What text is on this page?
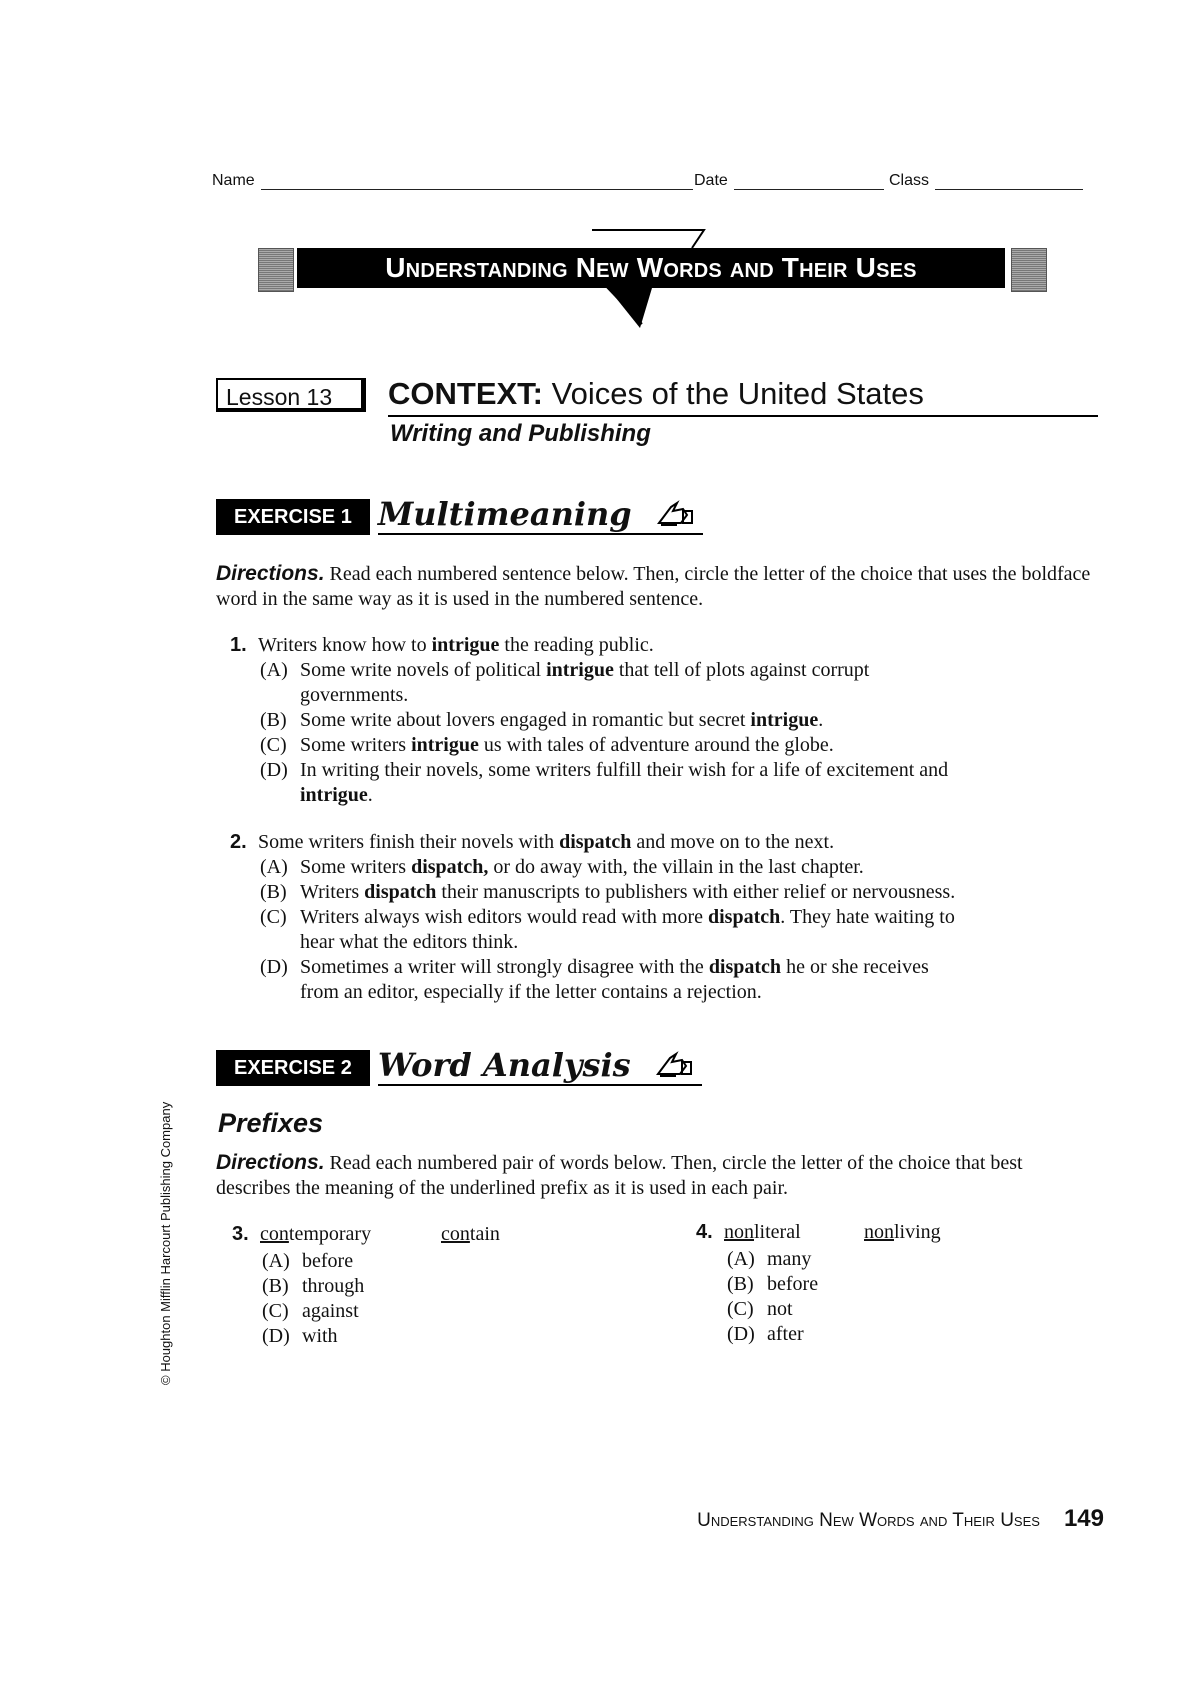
Name	Date	Class
Understanding New Words and Their Uses
Lesson 13	CONTEXT: Voices of the United States
Writing and Publishing
EXERCISE 1 Multimeaning
Directions. Read each numbered sentence below. Then, circle the letter of the choice that uses the boldface word in the same way as it is used in the numbered sentence.
1. Writers know how to intrigue the reading public.
(A) Some write novels of political intrigue that tell of plots against corrupt
governments.
(B) Some write about lovers engaged in romantic but secret intrigue.
(C) Some writers intrigue us with tales of adventure around the globe.
(D) In writing their novels, some writers fulfill their wish for a life of excitement and
intrigue.
2. Some writers finish their novels with dispatch and move on to the next.
(A) Some writers dispatch, or do away with, the villain in the last chapter.
(B) Writers dispatch their manuscripts to publishers with either relief or nervousness.
(C) Writers always wish editors would read with more dispatch. They hate waiting to
hear what the editors think.
(D) Sometimes a writer will strongly disagree with the dispatch he or she receives
from an editor, especially if the letter contains a rejection.
EXERCISE 2 Word Analysis
Prefixes
Directions. Read each numbered pair of words below. Then, circle the letter of the choice that best describes the meaning of the underlined prefix as it is used in each pair.
3. contemporary	contain
(A) before
(B) through
(C) against
(D) with
4. nonliteral	nonliving
(A) many
(B) before
(C) not
(D) after
© Houghton Mifflin Harcourt Publishing Company
Understanding New Words and Their Uses 149
